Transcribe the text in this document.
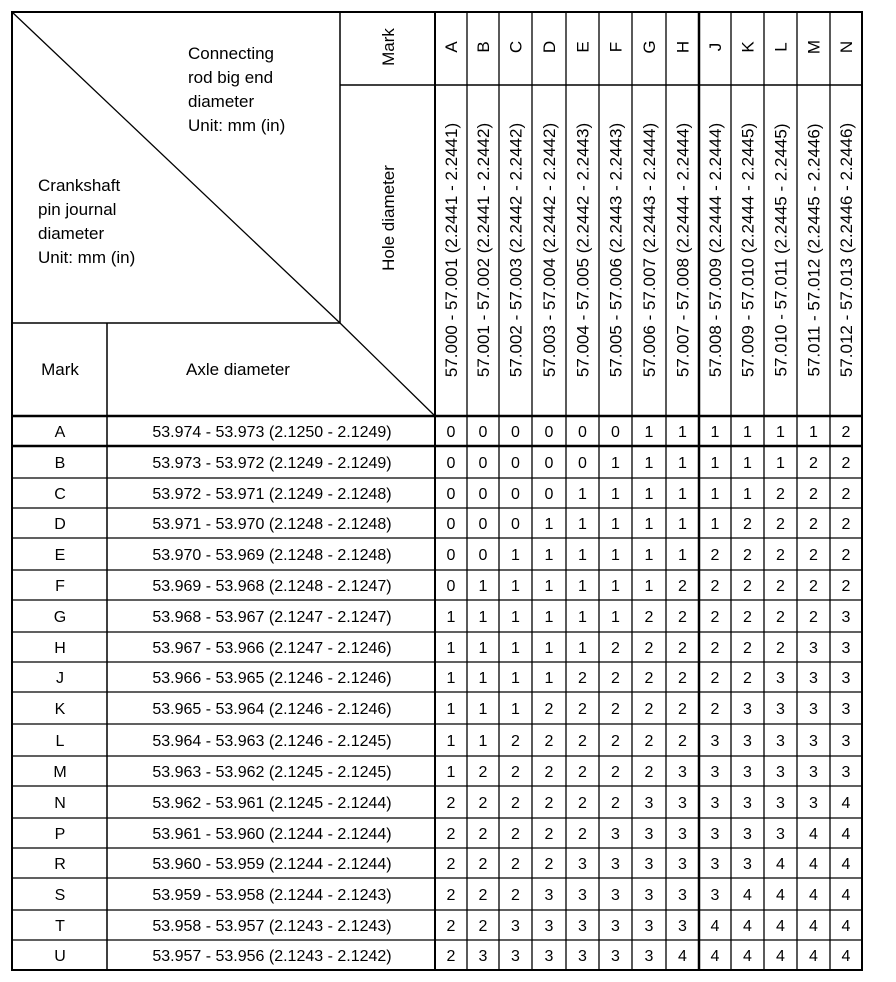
Connecting
rod big end
diameter
Unit: mm (in)
Crankshaft
pin journal
diameter
Unit: mm (in)
Mark
Hole diameter
Mark	Axle diameter
A
57.000 - 57.001 (2.2441 - 2.2441)
B
57.001 - 57.002 (2.2441 - 2.2442)
C
57.002 - 57.003 (2.2442 - 2.2442)
D
57.003 - 57.004 (2.2442 - 2.2442)
E
57.004 - 57.005 (2.2442 - 2.2443)
F
57.005 - 57.006 (2.2443 - 2.2443)
G
57.006 - 57.007 (2.2443 - 2.2444)
H
57.007 - 57.008 (2.2444 - 2.2444)
J
57.008 - 57.009 (2.2444 - 2.2444)
K
57.009 - 57.010 (2.2444 - 2.2445)
L
57.010 - 57.011 (2.2445 - 2.2445)
M
57.011 - 57.012 (2.2445 - 2.2446)
N
57.012 - 57.013 (2.2446 - 2.2446)
A	53.974 - 53.973 (2.1250 - 2.1249)	0 0 0 0 0 0 1 1 1 1 1 1 2
B	53.973 - 53.972 (2.1249 - 2.1249)	0 0 0 0 0 1 1 1 1 1 1 2 2
C	53.972 - 53.971 (2.1249 - 2.1248)	0 0 0 0 1 1 1 1 1 1 2 2 2
D	53.971 - 53.970 (2.1248 - 2.1248)	0 0 0 1 1 1 1 1 1 2 2 2 2
E	53.970 - 53.969 (2.1248 - 2.1248)	0 0 1 1 1 1 1 1 2 2 2 2 2
F	53.969 - 53.968 (2.1248 - 2.1247)	0 1 1 1 1 1 1 2 2 2 2 2 2
G	53.968 - 53.967 (2.1247 - 2.1247)	1 1 1 1 1 1 2 2 2 2 2 2 3
H	53.967 - 53.966 (2.1247 - 2.1246)	1 1 1 1 1 2 2 2 2 2 2 3 3
J	53.966 - 53.965 (2.1246 - 2.1246)	1 1 1 1 2 2 2 2 2 2 3 3 3
K	53.965 - 53.964 (2.1246 - 2.1246)	1 1 1 2 2 2 2 2 2 3 3 3 3
L	53.964 - 53.963 (2.1246 - 2.1245)	1 1 2 2 2 2 2 2 3 3 3 3 3
M	53.963 - 53.962 (2.1245 - 2.1245)	1 2 2 2 2 2 2 3 3 3 3 3 3
N	53.962 - 53.961 (2.1245 - 2.1244)	2 2 2 2 2 2 3 3 3 3 3 3 4
P	53.961 - 53.960 (2.1244 - 2.1244)	2 2 2 2 2 3 3 3 3 3 3 4 4
R	53.960 - 53.959 (2.1244 - 2.1244)	2 2 2 2 3 3 3 3 3 3 4 4 4
S	53.959 - 53.958 (2.1244 - 2.1243)	2 2 2 3 3 3 3 3 3 4 4 4 4
T	53.958 - 53.957 (2.1243 - 2.1243)	2 2 3 3 3 3 3 3 4 4 4 4 4
U	53.957 - 53.956 (2.1243 - 2.1242)	2 3 3 3 3 3 3 4 4 4 4 4 4
